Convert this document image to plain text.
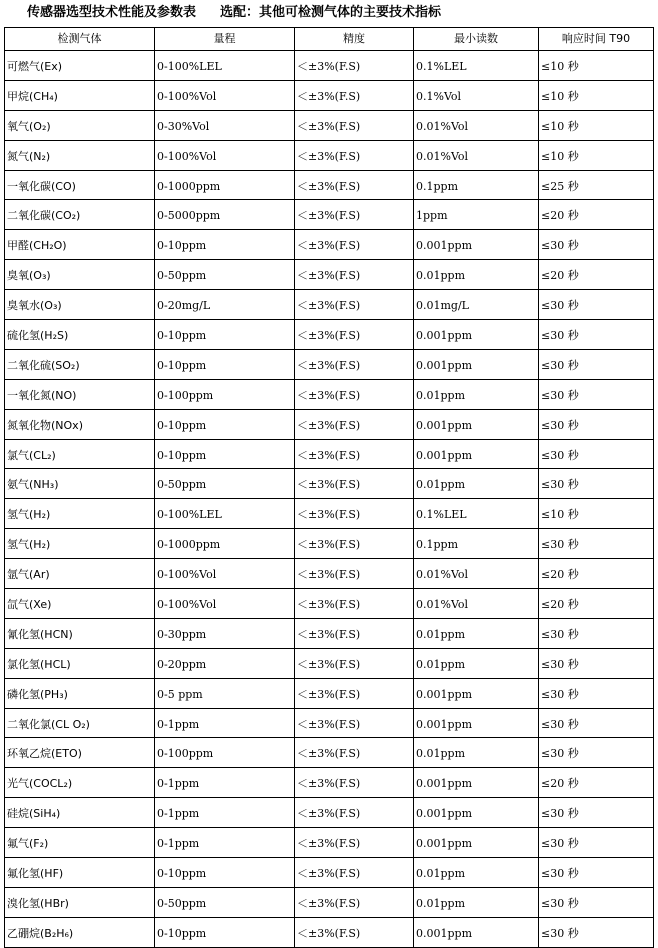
传感器选型技术性能及参数表 选配：其他可检测气体的主要技术指标
检测气体	量程	精度	最小读数	响应时间 T90
可燃气(Ex)	0-100%LEL	＜±3%(F.S)	0.1%LEL	≤10 秒
甲烷(CH₄)	0-100%Vol	＜±3%(F.S)	0.1%Vol	≤10 秒
氧气(O₂)	0-30%Vol	＜±3%(F.S)	0.01%Vol	≤10 秒
氮气(N₂)	0-100%Vol	＜±3%(F.S)	0.01%Vol	≤10 秒
一氧化碳(CO)	0-1000ppm	＜±3%(F.S)	0.1ppm	≤25 秒
二氧化碳(CO₂)	0-5000ppm	＜±3%(F.S)	1ppm	≤20 秒
甲醛(CH₂O)	0-10ppm	＜±3%(F.S)	0.001ppm	≤30 秒
臭氧(O₃)	0-50ppm	＜±3%(F.S)	0.01ppm	≤20 秒
臭氧水(O₃)	0-20mg/L	＜±3%(F.S)	0.01mg/L	≤30 秒
硫化氢(H₂S)	0-10ppm	＜±3%(F.S)	0.001ppm	≤30 秒
二氧化硫(SO₂)	0-10ppm	＜±3%(F.S)	0.001ppm	≤30 秒
一氧化氮(NO)	0-100ppm	＜±3%(F.S)	0.01ppm	≤30 秒
氮氧化物(NOx)	0-10ppm	＜±3%(F.S)	0.001ppm	≤30 秒
氯气(CL₂)	0-10ppm	＜±3%(F.S)	0.001ppm	≤30 秒
氨气(NH₃)	0-50ppm	＜±3%(F.S)	0.01ppm	≤30 秒
氢气(H₂)	0-100%LEL	＜±3%(F.S)	0.1%LEL	≤10 秒
氢气(H₂)	0-1000ppm	＜±3%(F.S)	0.1ppm	≤30 秒
氩气(Ar)	0-100%Vol	＜±3%(F.S)	0.01%Vol	≤20 秒
氙气(Xe)	0-100%Vol	＜±3%(F.S)	0.01%Vol	≤20 秒
氰化氢(HCN)	0-30ppm	＜±3%(F.S)	0.01ppm	≤30 秒
氯化氢(HCL)	0-20ppm	＜±3%(F.S)	0.01ppm	≤30 秒
磷化氢(PH₃)	0-5 ppm	＜±3%(F.S)	0.001ppm	≤30 秒
二氧化氯(CL O₂)	0-1ppm	＜±3%(F.S)	0.001ppm	≤30 秒
环氧乙烷(ETO)	0-100ppm	＜±3%(F.S)	0.01ppm	≤30 秒
光气(COCL₂)	0-1ppm	＜±3%(F.S)	0.001ppm	≤20 秒
硅烷(SiH₄)	0-1ppm	＜±3%(F.S)	0.001ppm	≤30 秒
氟气(F₂)	0-1ppm	＜±3%(F.S)	0.001ppm	≤30 秒
氟化氢(HF)	0-10ppm	＜±3%(F.S)	0.01ppm	≤30 秒
溴化氢(HBr)	0-50ppm	＜±3%(F.S)	0.01ppm	≤30 秒
乙硼烷(B₂H₆)	0-10ppm	＜±3%(F.S)	0.001ppm	≤30 秒
